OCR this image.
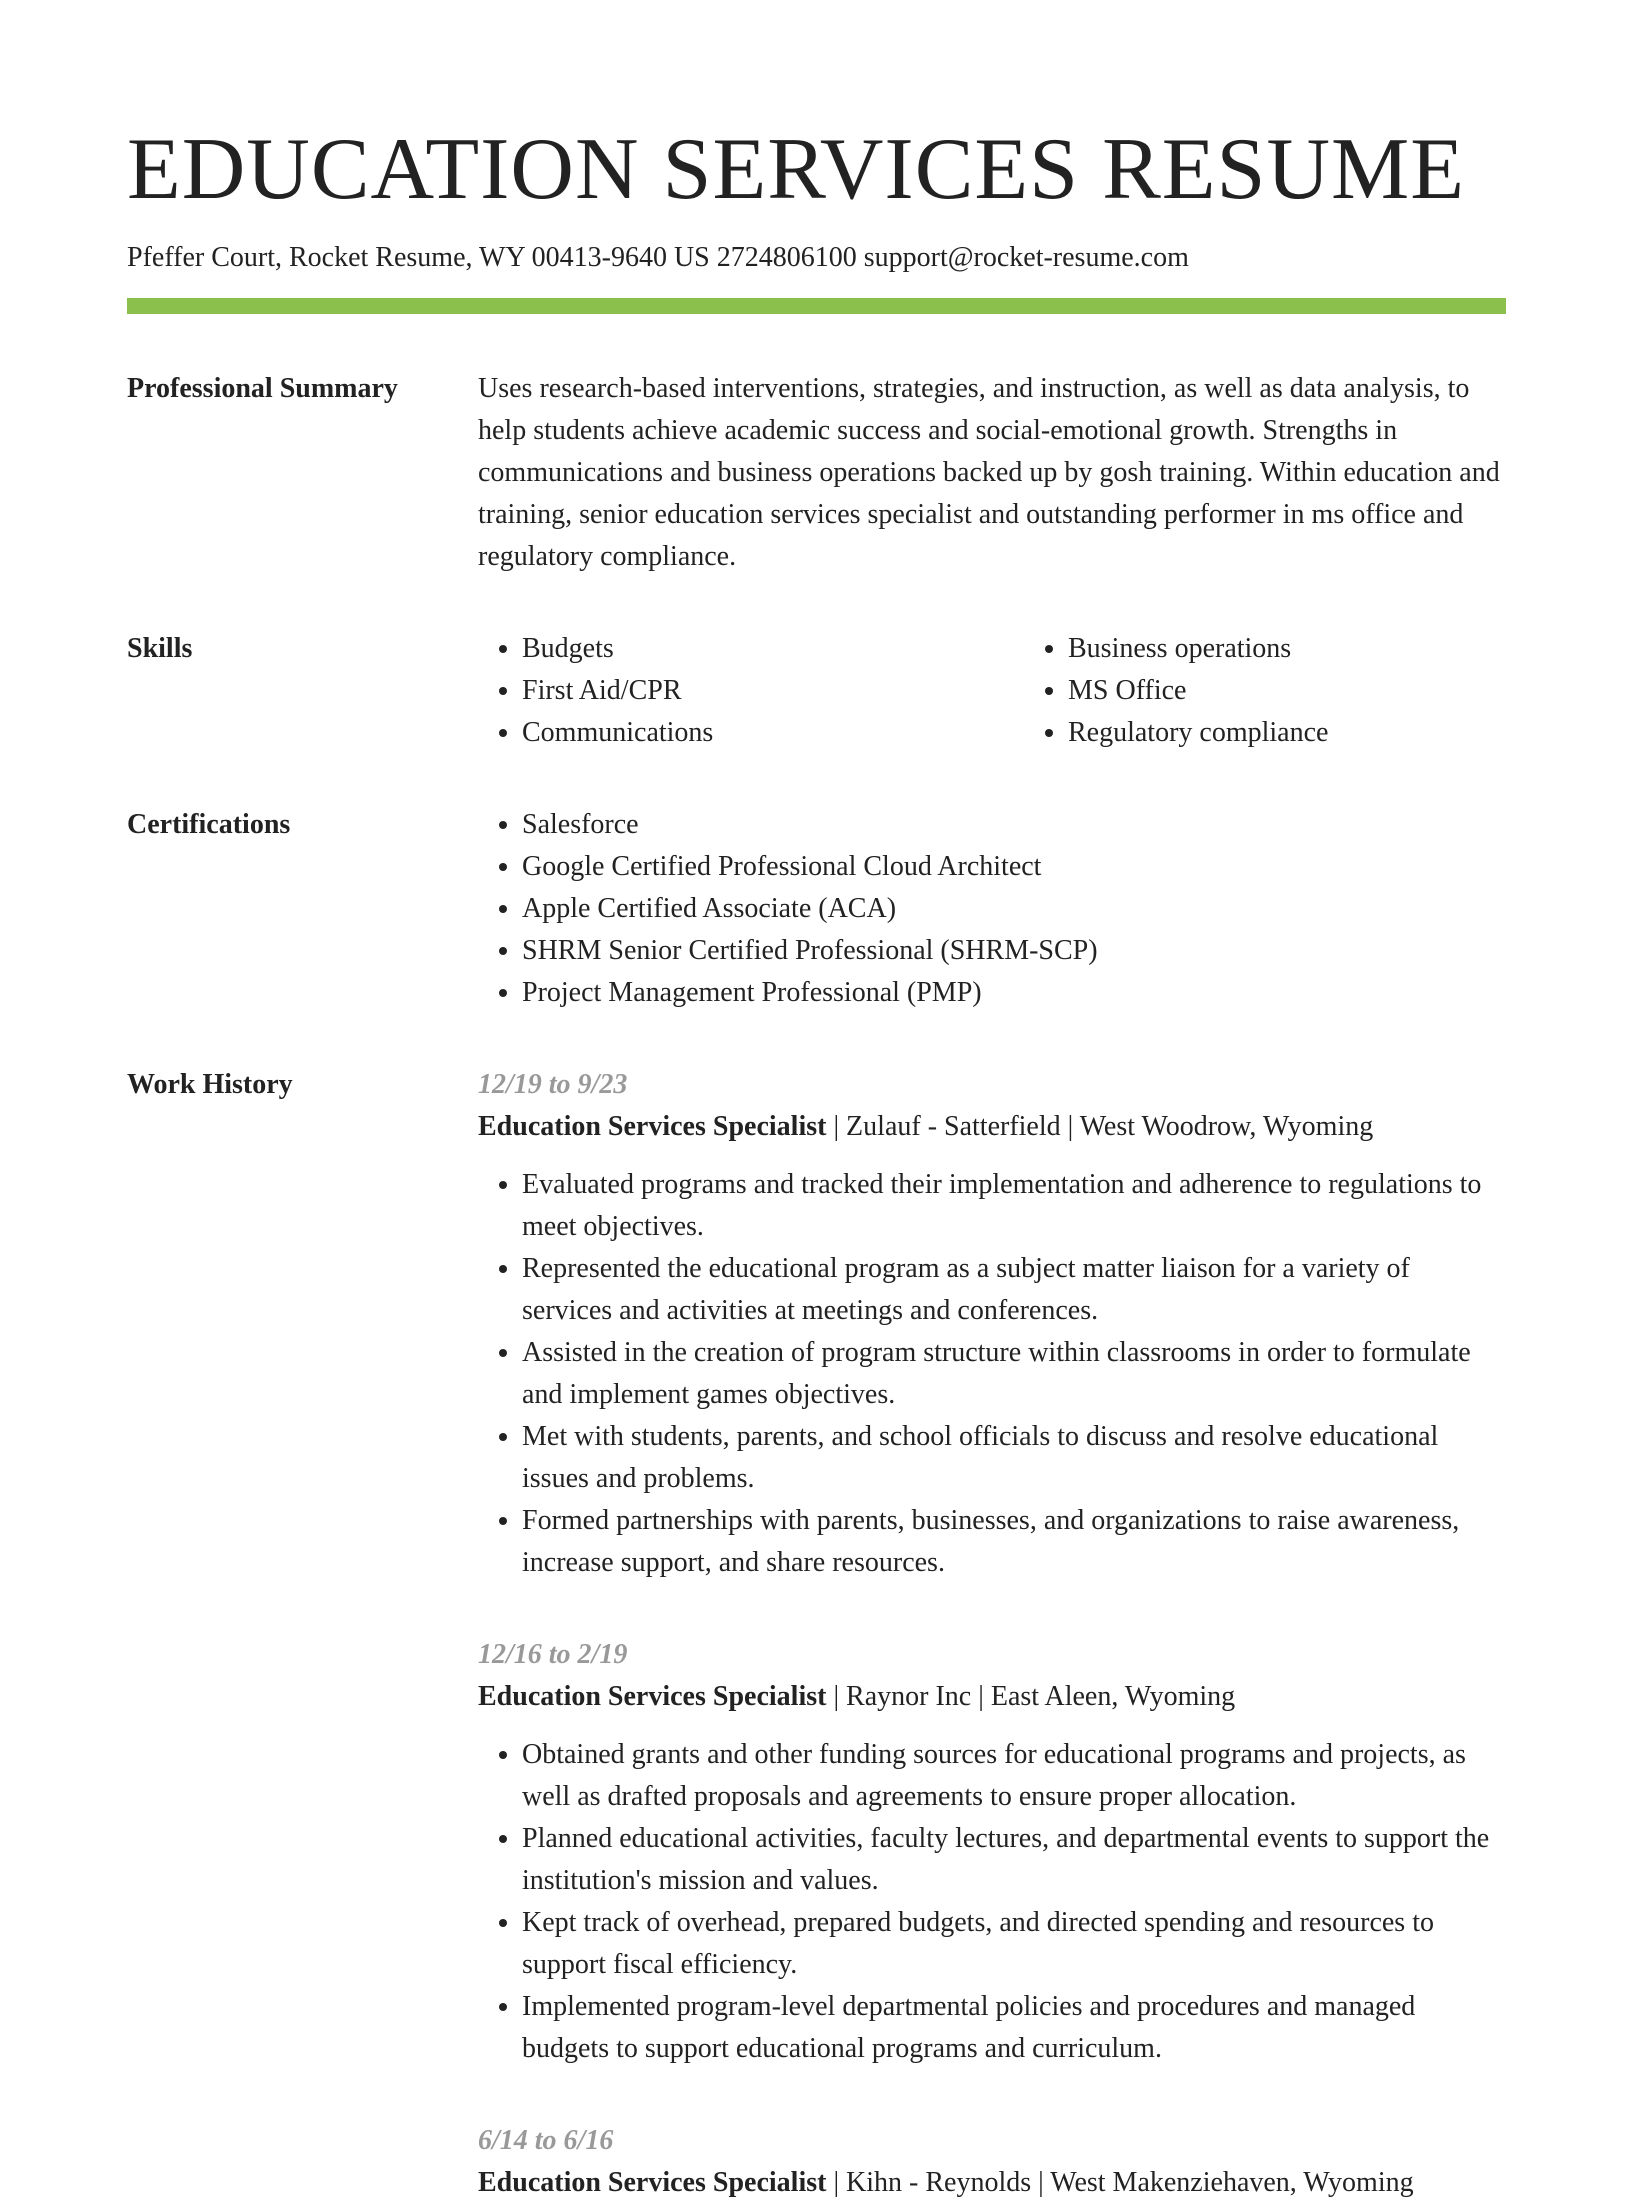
EDUCATION SERVICES RESUME
Pfeffer Court, Rocket Resume, WY 00413-9640 US 2724806100 support@rocket-resume.com
Professional Summary	Uses research-based interventions, strategies, and instruction, as well as data analysis, to help students achieve academic success and social-emotional growth. Strengths in communications and business operations backed up by gosh training. Within education and training, senior education services specialist and outstanding performer in ms office and regulatory compliance.

Skills	• Budgets
• First Aid/CPR
• Communications
• Business operations
• MS Office
• Regulatory compliance
Certifications	• Salesforce
• Google Certified Professional Cloud Architect
• Apple Certified Associate (ACA)
• SHRM Senior Certified Professional (SHRM-SCP)
• Project Management Professional (PMP)
Work History	12/19 to 9/23
Education Services Specialist | Zulauf - Satterfield | West Woodrow, Wyoming
• Evaluated programs and tracked their implementation and adherence to regulations to meet objectives.
• Represented the educational program as a subject matter liaison for a variety of services and activities at meetings and conferences.
• Assisted in the creation of program structure within classrooms in order to formulate and implement games objectives.
• Met with students, parents, and school officials to discuss and resolve educational issues and problems.
• Formed partnerships with parents, businesses, and organizations to raise awareness, increase support, and share resources.
12/16 to 2/19
Education Services Specialist | Raynor Inc | East Aleen, Wyoming
• Obtained grants and other funding sources for educational programs and projects, as well as drafted proposals and agreements to ensure proper allocation.
• Planned educational activities, faculty lectures, and departmental events to support the institution's mission and values.
• Kept track of overhead, prepared budgets, and directed spending and resources to support fiscal efficiency.
• Implemented program-level departmental policies and procedures and managed budgets to support educational programs and curriculum.
6/14 to 6/16
Education Services Specialist | Kihn - Reynolds | West Makenziehaven, Wyoming
